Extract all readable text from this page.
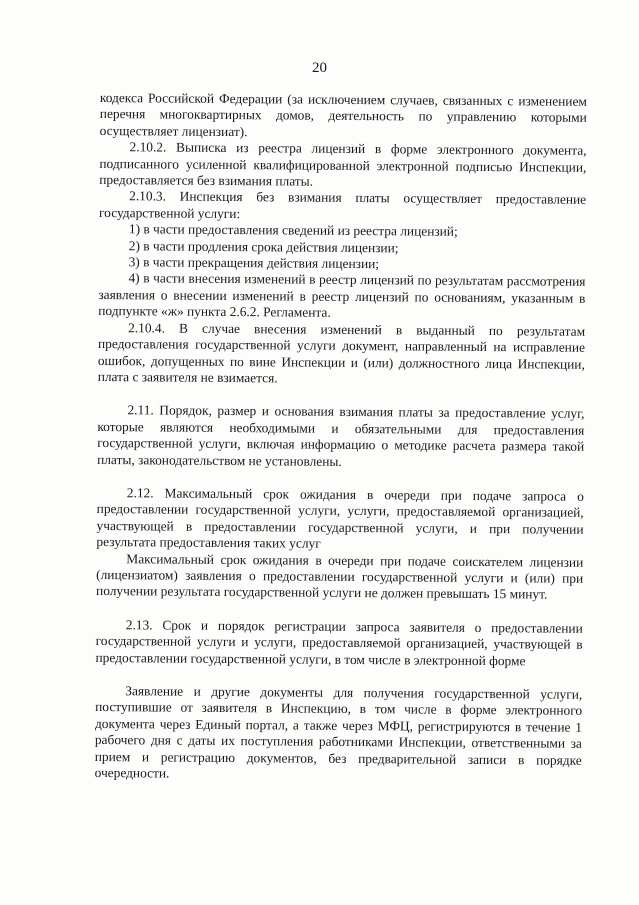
20

кодекса Российской Федерации (за исключением случаев, связанных с изменением перечня многоквартирных домов, деятельность по управлению которыми осуществляет лицензиат).

2.10.2. Выписка из реестра лицензий в форме электронного документа, подписанного усиленной квалифицированной электронной подписью Инспекции, предоставляется без взимания платы.

2.10.3. Инспекция без взимания платы осуществляет предоставление государственной услуги:

1) в части предоставления сведений из реестра лицензий;

2) в части продления срока действия лицензии;

3) в части прекращения действия лицензии;

4) в части внесения изменений в реестр лицензий по результатам рассмотрения заявления о внесении изменений в реестр лицензий по основаниям, указанным в подпункте «ж» пункта 2.6.2. Регламента.

2.10.4. В случае внесения изменений в выданный по результатам предоставления государственной услуги документ, направленный на исправление ошибок, допущенных по вине Инспекции и (или) должностного лица Инспекции, плата с заявителя не взимается.

2.11. Порядок, размер и основания взимания платы за предоставление услуг, которые являются необходимыми и обязательными для предоставления государственной услуги, включая информацию о методике расчета размера такой платы, законодательством не установлены.

2.12. Максимальный срок ожидания в очереди при подаче запроса о предоставлении государственной услуги, услуги, предоставляемой организацией, участвующей в предоставлении государственной услуги, и при получении результата предоставления таких услуг

Максимальный срок ожидания в очереди при подаче соискателем лицензии (лицензиатом) заявления о предоставлении государственной услуги и (или) при получении результата государственной услуги не должен превышать 15 минут.

2.13. Срок и порядок регистрации запроса заявителя о предоставлении государственной услуги и услуги, предоставляемой организацией, участвующей в предоставлении государственной услуги, в том числе в электронной форме

Заявление и другие документы для получения государственной услуги, поступившие от заявителя в Инспекцию, в том числе в форме электронного документа через Единый портал, а также через МФЦ, регистрируются в течение 1 рабочего дня с даты их поступления работниками Инспекции, ответственными за прием и регистрацию документов, без предварительной записи в порядке очередности.
